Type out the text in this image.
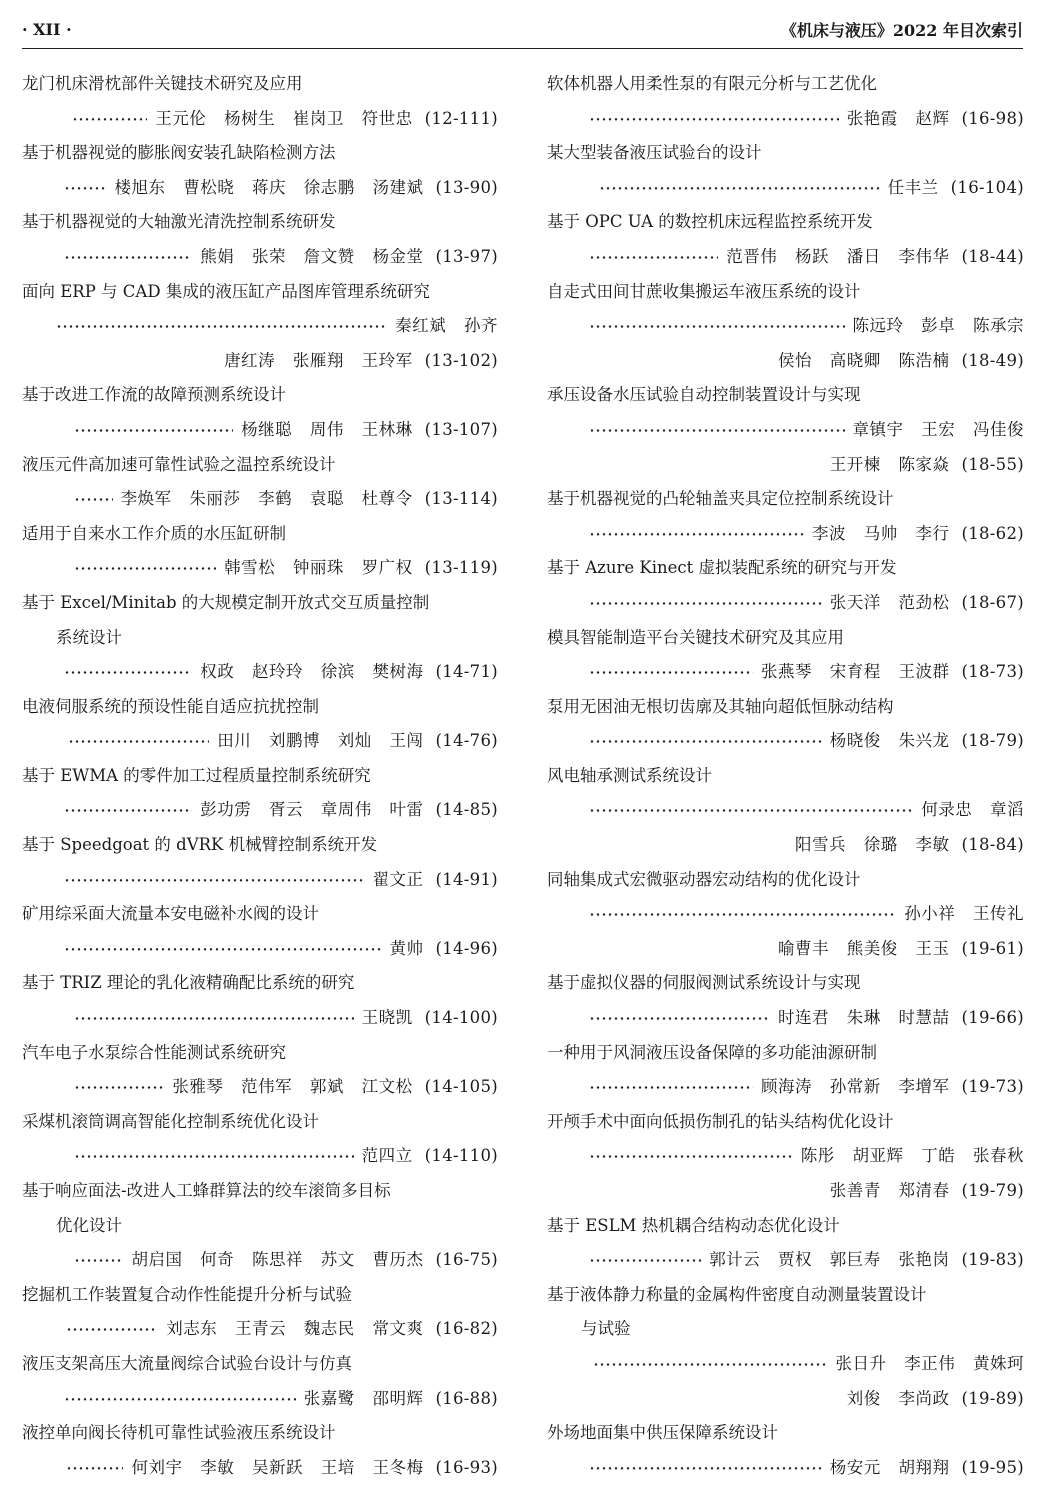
· XII ·	《机床与液压》2022 年目次索引
龙门机床滑枕部件关键技术研究及应用
王元伦 杨树生 崔岗卫 符世忠 (12-111)
基于机器视觉的膨胀阀安装孔缺陷检测方法
楼旭东 曹松晓 蒋庆 徐志鹏 汤建斌 (13-90)
基于机器视觉的大轴激光清洗控制系统研发
熊娟 张荣 詹文赞 杨金堂 (13-97)
面向 ERP 与 CAD 集成的液压缸产品图库管理系统研究
秦红斌 孙齐
唐红涛 张雁翔 王玲军 (13-102)
基于改进工作流的故障预测系统设计
杨继聪 周伟 王林琳 (13-107)
液压元件高加速可靠性试验之温控系统设计
李焕军 朱丽莎 李鹤 袁聪 杜尊令 (13-114)
适用于自来水工作介质的水压缸研制
韩雪松 钟丽珠 罗广权 (13-119)
基于 Excel/Minitab 的大规模定制开放式交互质量控制
系统设计
权政 赵玲玲 徐滨 樊树海 (14-71)
电液伺服系统的预设性能自适应抗扰控制
田川 刘鹏博 刘灿 王闯 (14-76)
基于 EWMA 的零件加工过程质量控制系统研究
彭功雳 胥云 章周伟 叶雷 (14-85)
基于 Speedgoat 的 dVRK 机械臂控制系统开发
翟文正 (14-91)
矿用综采面大流量本安电磁补水阀的设计
黄帅 (14-96)
基于 TRIZ 理论的乳化液精确配比系统的研究
王晓凯 (14-100)
汽车电子水泵综合性能测试系统研究
张雅琴 范伟军 郭斌 江文松 (14-105)
采煤机滚筒调高智能化控制系统优化设计
范四立 (14-110)
基于响应面法-改进人工蜂群算法的绞车滚筒多目标
优化设计
胡启国 何奇 陈思祥 苏文 曹历杰 (16-75)
挖掘机工作装置复合动作性能提升分析与试验
刘志东 王青云 魏志民 常文爽 (16-82)
液压支架高压大流量阀综合试验台设计与仿真
张嘉鹭 邵明辉 (16-88)
液控单向阀长待机可靠性试验液压系统设计
何刘宇 李敏 吴新跃 王培 王冬梅 (16-93)
软体机器人用柔性泵的有限元分析与工艺优化
张艳霞 赵辉 (16-98)
某大型装备液压试验台的设计
任丰兰 (16-104)
基于 OPC UA 的数控机床远程监控系统开发
范晋伟 杨跃 潘日 李伟华 (18-44)
自走式田间甘蔗收集搬运车液压系统的设计
陈远玲 彭卓 陈承宗
侯怡 高晓卿 陈浩楠 (18-49)
承压设备水压试验自动控制装置设计与实现
章镇宇 王宏 冯佳俊
王开楝 陈家焱 (18-55)
基于机器视觉的凸轮轴盖夹具定位控制系统设计
李波 马帅 李行 (18-62)
基于 Azure Kinect 虚拟装配系统的研究与开发
张天洋 范劲松 (18-67)
模具智能制造平台关键技术研究及其应用
张燕琴 宋育程 王波群 (18-73)
泵用无困油无根切齿廓及其轴向超低恒脉动结构
杨晓俊 朱兴龙 (18-79)
风电轴承测试系统设计
何录忠 章滔
阳雪兵 徐璐 李敏 (18-84)
同轴集成式宏微驱动器宏动结构的优化设计
孙小祥 王传礼
喻曹丰 熊美俊 王玉 (19-61)
基于虚拟仪器的伺服阀测试系统设计与实现
时连君 朱琳 时慧喆 (19-66)
一种用于风洞液压设备保障的多功能油源研制
顾海涛 孙常新 李增军 (19-73)
开颅手术中面向低损伤制孔的钻头结构优化设计
陈彤 胡亚辉 丁皓 张春秋
张善青 郑清春 (19-79)
基于 ESLM 热机耦合结构动态优化设计
郭计云 贾权 郭巨寿 张艳岗 (19-83)
基于液体静力称量的金属构件密度自动测量装置设计
与试验
张日升 李正伟 黄姝珂
刘俊 李尚政 (19-89)
外场地面集中供压保障系统设计
杨安元 胡翔翔 (19-95)
